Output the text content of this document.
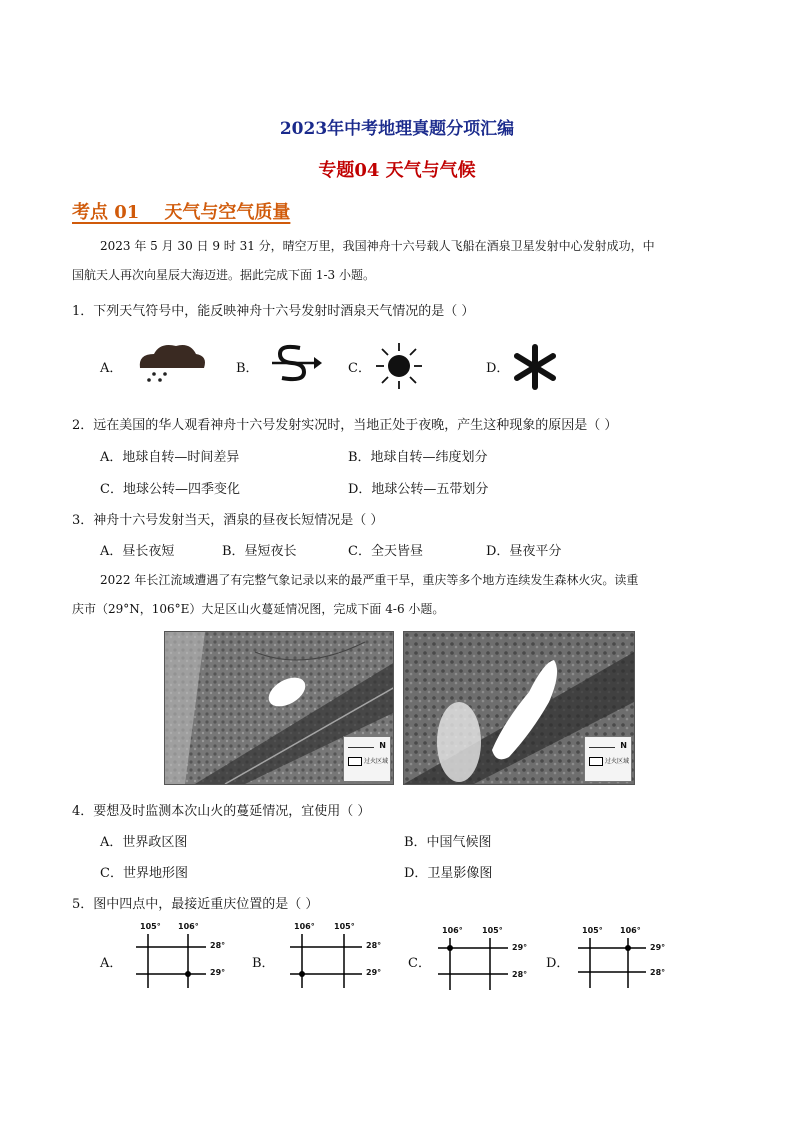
2023年中考地理真题分项汇编
专题04 天气与气候
考点 01    天气与空气质量
2023 年 5 月 30 日 9 时 31 分，晴空万里，我国神舟十六号载人飞船在酒泉卫星发射中心发射成功，中
国航天人再次向星辰大海迈进。据此完成下面 1-3 小题。
1．下列天气符号中，能反映神舟十六号发射时酒泉天气情况的是（ ）
A．	B．	C．	D．
2．远在美国的华人观看神舟十六号发射实况时，当地正处于夜晚，产生这种现象的原因是（ ）
A．地球自转—时间差异	B．地球自转—纬度划分
C．地球公转—四季变化	D．地球公转—五带划分
3．神舟十六号发射当天，酒泉的昼夜长短情况是（ ）
A．昼长夜短	B．昼短夜长	C．全天皆昼	D．昼夜平分
2022 年长江流域遭遇了有完整气象记录以来的最严重干旱，重庆等多个地方连续发生森林火灾。读重
庆市（29°N，106°E）大足区山火蔓延情况图，完成下面 4-6 小题。
N
过火区域
N
过火区域
4．要想及时监测本次山火的蔓延情况，宜使用（ ）
A．世界政区图	B．中国气候图
C．世界地形图	D．卫星影像图
5．图中四点中，最接近重庆位置的是（ ）
A．
105° 106°
28°
29°
B．
106° 105°
28°
29°
C．
106° 105°
29°
28°
D．
105° 106°
29°
28°
